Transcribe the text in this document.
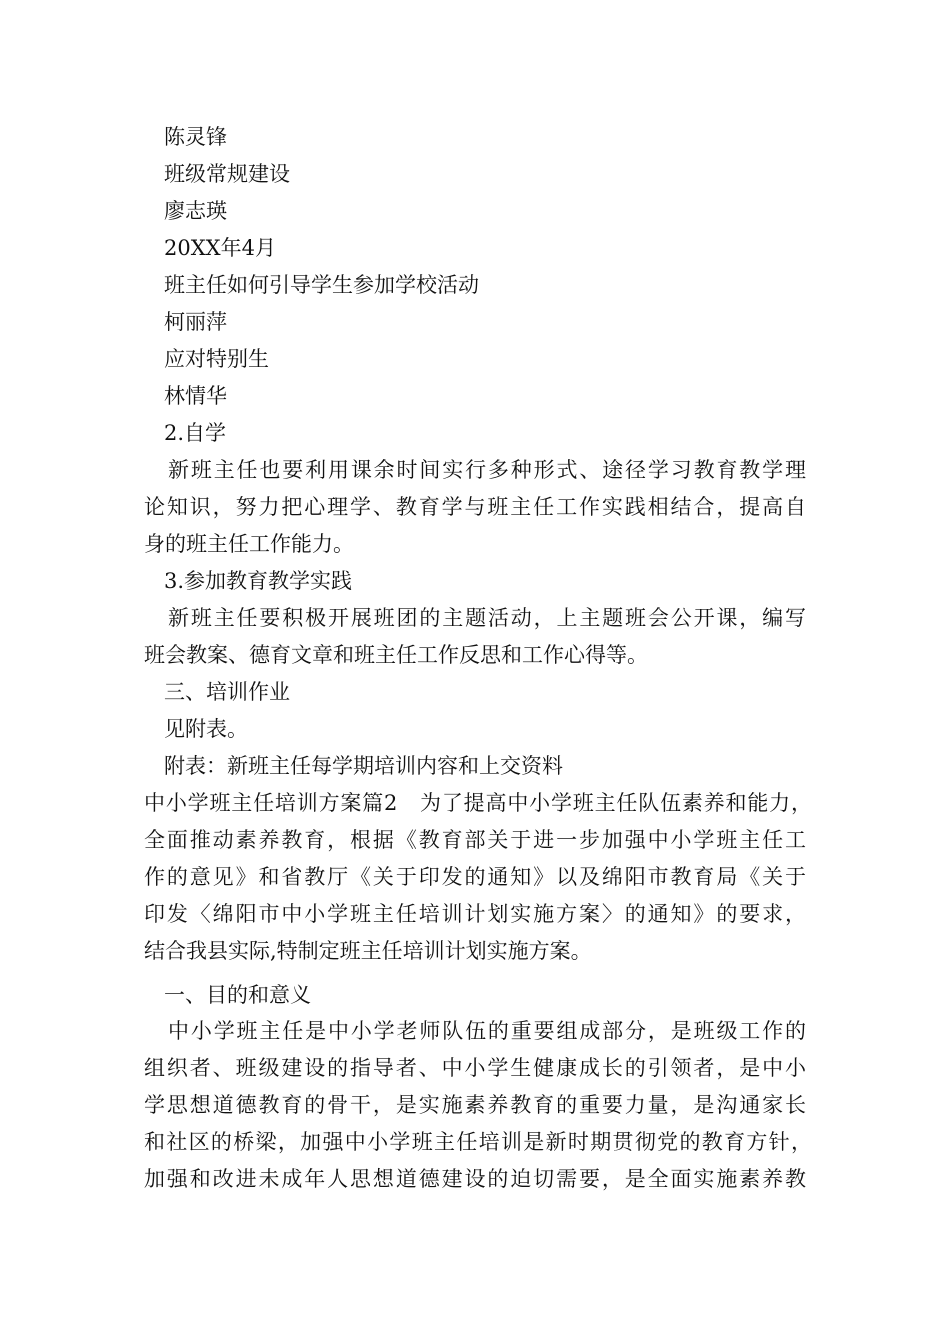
陈灵锋
班级常规建设
廖志瑛
20XX年4月
班主任如何引导学生参加学校活动
柯丽萍
应对特别生
林情华
2.自学
新班主任也要利用课余时间实行多种形式、途径学习教育教学理
论知识，努力把心理学、教育学与班主任工作实践相结合，提高自
身的班主任工作能力。
3.参加教育教学实践
新班主任要积极开展班团的主题活动，上主题班会公开课，编写
班会教案、德育文章和班主任工作反思和工作心得等。
三、培训作业
见附表。
附表：新班主任每学期培训内容和上交资料
中小学班主任培训方案篇2　为了提高中小学班主任队伍素养和能力，
全面推动素养教育，根据《教育部关于进一步加强中小学班主任工
作的意见》和省教厅《关于印发的通知》以及绵阳市教育局《关于
印发〈绵阳市中小学班主任培训计划实施方案〉的通知》的要求，
结合我县实际,特制定班主任培训计划实施方案。
一、目的和意义
中小学班主任是中小学老师队伍的重要组成部分，是班级工作的
组织者、班级建设的指导者、中小学生健康成长的引领者，是中小
学思想道德教育的骨干，是实施素养教育的重要力量，是沟通家长
和社区的桥梁，加强中小学班主任培训是新时期贯彻党的教育方针，
加强和改进未成年人思想道德建设的迫切需要，是全面实施素养教
